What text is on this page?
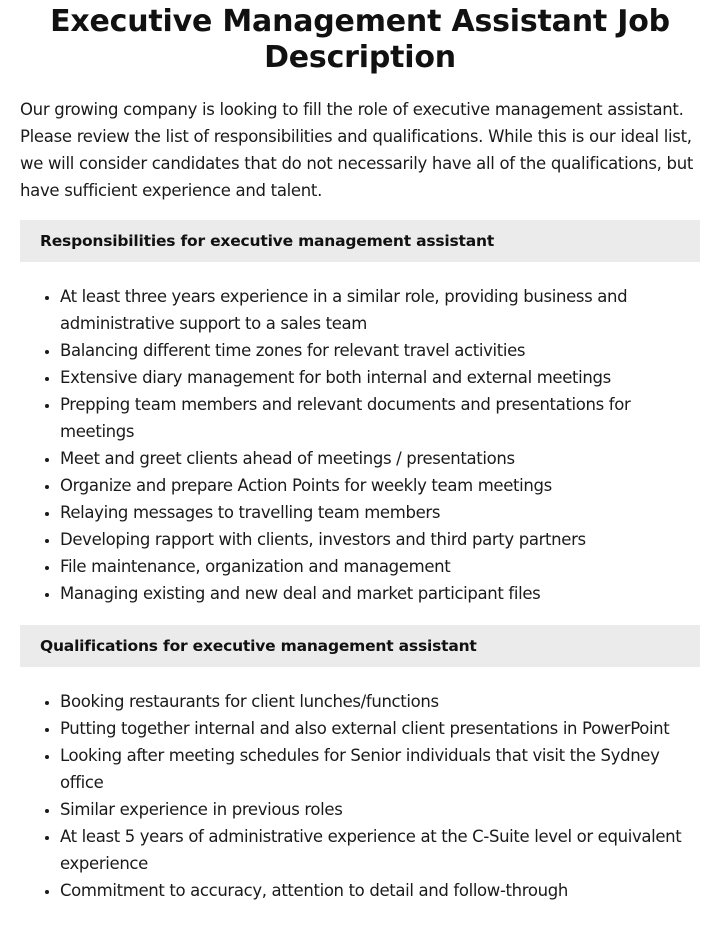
Executive Management Assistant Job Description

Our growing company is looking to fill the role of executive management assistant. Please review the list of responsibilities and qualifications. While this is our ideal list, we will consider candidates that do not necessarily have all of the qualifications, but have sufficient experience and talent.

Responsibilities for executive management assistant
• At least three years experience in a similar role, providing business and administrative support to a sales team
• Balancing different time zones for relevant travel activities
• Extensive diary management for both internal and external meetings
• Prepping team members and relevant documents and presentations for meetings
• Meet and greet clients ahead of meetings / presentations
• Organize and prepare Action Points for weekly team meetings
• Relaying messages to travelling team members
• Developing rapport with clients, investors and third party partners
• File maintenance, organization and management
• Managing existing and new deal and market participant files
Qualifications for executive management assistant
• Booking restaurants for client lunches/functions
• Putting together internal and also external client presentations in PowerPoint
• Looking after meeting schedules for Senior individuals that visit the Sydney office
• Similar experience in previous roles
• At least 5 years of administrative experience at the C-Suite level or equivalent experience
• Commitment to accuracy, attention to detail and follow-through
